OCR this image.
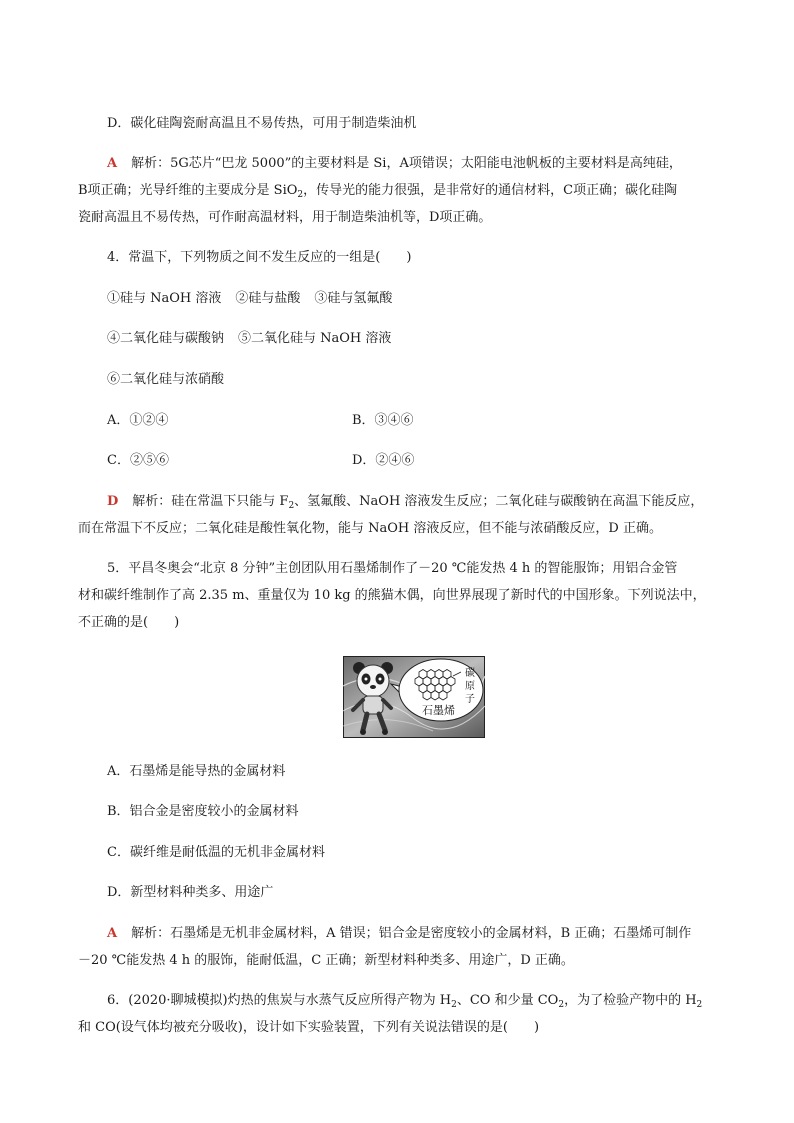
D．碳化硅陶瓷耐高温且不易传热，可用于制造柴油机
A 解析：5G芯片“巴龙 5000”的主要材料是 Si，A项错误；太阳能电池帆板的主要材料是高纯硅，
B项正确；光导纤维的主要成分是 SiO$_2$，传导光的能力很强，是非常好的通信材料，C项正确；碳化硅陶
瓷耐高温且不易传热，可作耐高温材料，用于制造柴油机等，D项正确。
4．常温下，下列物质之间不发生反应的一组是(　　)
①硅与 NaOH 溶液 ②硅与盐酸 ③硅与氢氟酸
④二氧化硅与碳酸钠 ⑤二氧化硅与 NaOH 溶液
⑥二氧化硅与浓硝酸
A．①②④	B．③④⑥
C．②⑤⑥	D．②④⑥
D 解析：硅在常温下只能与 $F_2$、氢氟酸、NaOH 溶液发生反应；二氧化硅与碳酸钠在高温下能反应，
而在常温下不反应；二氧化硅是酸性氧化物，能与 NaOH 溶液反应，但不能与浓硝酸反应，D 正确。
5．平昌冬奥会“北京 8 分钟”主创团队用石墨烯制作了－20 ℃能发热 4 h 的智能服饰；用铝合金管
材和碳纤维制作了高 2.35 m、重量仅为 10 kg 的熊猫木偶，向世界展现了新时代的中国形象。下列说法中，
不正确的是(　　)
碳
原
子
石墨烯
A．石墨烯是能导热的金属材料
B．铝合金是密度较小的金属材料
C．碳纤维是耐低温的无机非金属材料
D．新型材料种类多、用途广
A 解析：石墨烯是无机非金属材料，A 错误；铝合金是密度较小的金属材料，B 正确；石墨烯可制作
－20 ℃能发热 4 h 的服饰，能耐低温，C 正确；新型材料种类多、用途广，D 正确。
6．(2020·聊城模拟)灼热的焦炭与水蒸气反应所得产物为 $H_2$、CO 和少量 $CO_2$，为了检验产物中的 $H_2$
和 CO(设气体均被充分吸收)，设计如下实验装置，下列有关说法错误的是(　　)
